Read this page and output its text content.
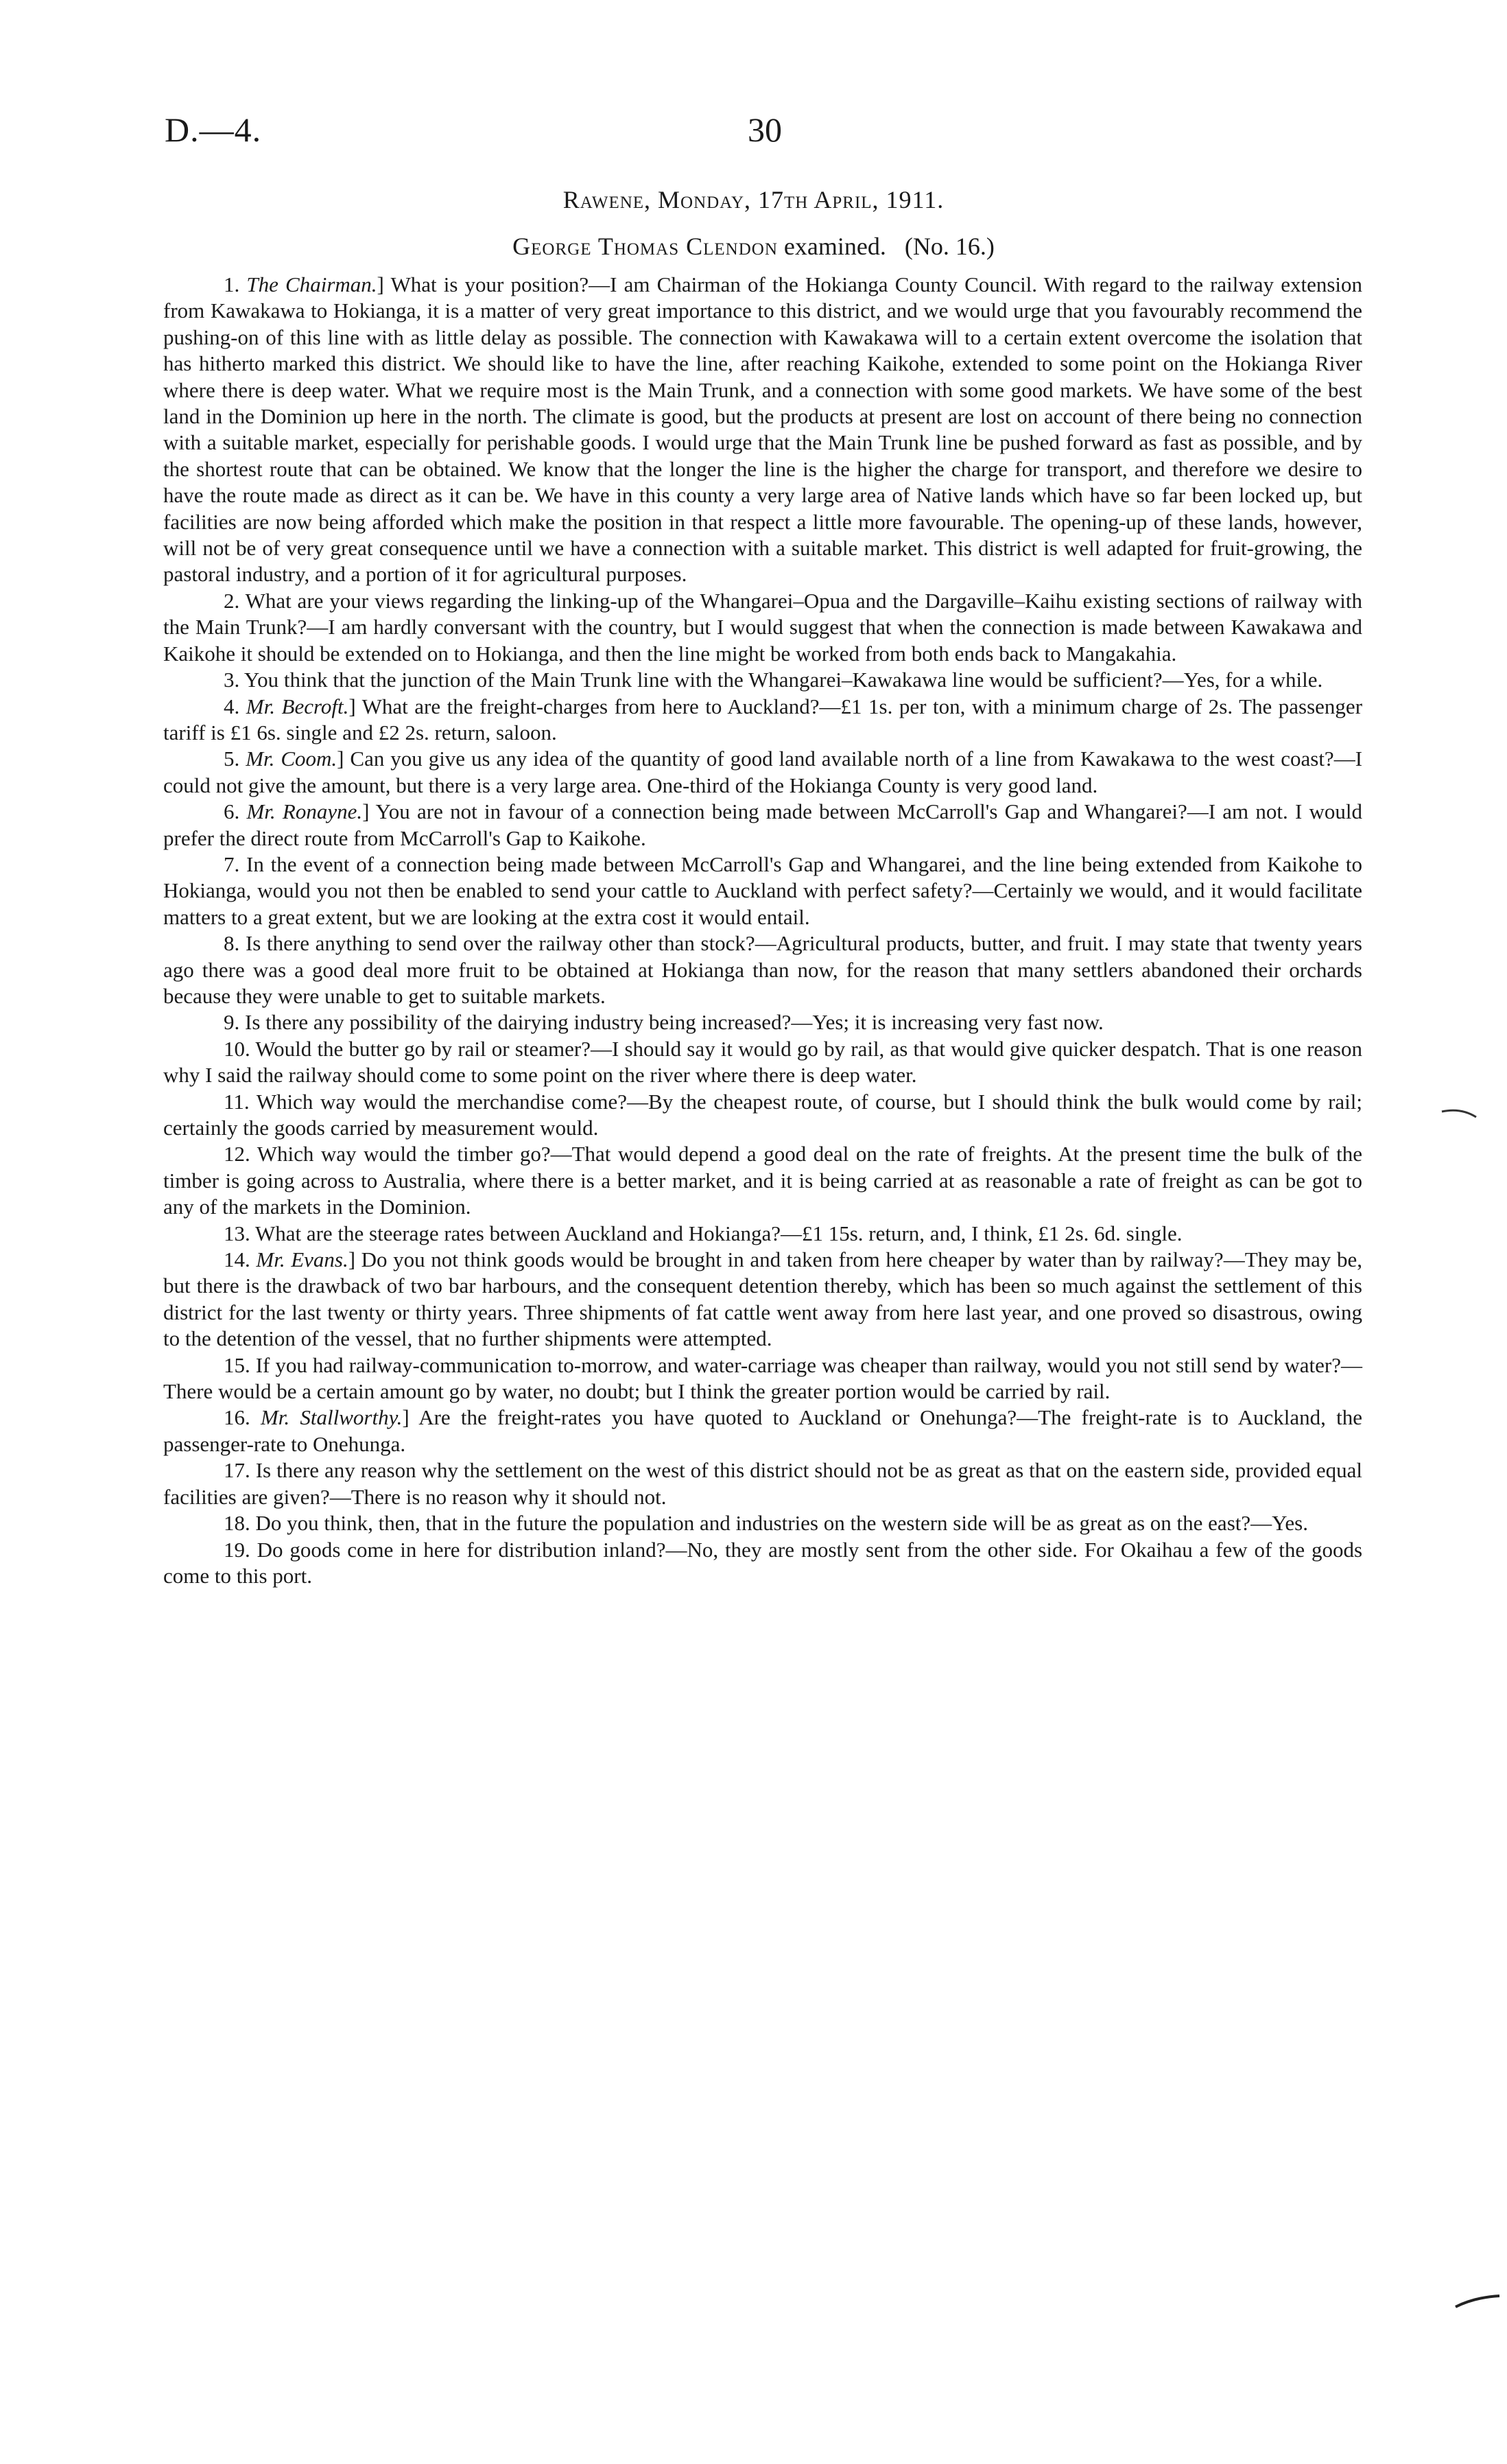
D.—4.	30
Rawene, Monday, 17th April, 1911.
George Thomas Clendon examined. (No. 16.)

1. The Chairman.] What is your position?—I am Chairman of the Hokianga County Council. With regard to the railway extension from Kawakawa to Hokianga, it is a matter of very great importance to this district, and we would urge that you favourably recommend the pushing-on of this line with as little delay as possible. The connection with Kawakawa will to a certain extent overcome the isolation that has hitherto marked this district. We should like to have the line, after reaching Kaikohe, extended to some point on the Hokianga River where there is deep water. What we require most is the Main Trunk, and a connection with some good markets. We have some of the best land in the Dominion up here in the north. The climate is good, but the products at present are lost on account of there being no connection with a suitable market, especially for perishable goods. I would urge that the Main Trunk line be pushed forward as fast as possible, and by the shortest route that can be obtained. We know that the longer the line is the higher the charge for transport, and therefore we desire to have the route made as direct as it can be. We have in this county a very large area of Native lands which have so far been locked up, but facilities are now being afforded which make the position in that respect a little more favourable. The opening-up of these lands, however, will not be of very great consequence until we have a connection with a suitable market. This district is well adapted for fruit-growing, the pastoral industry, and a portion of it for agricultural purposes.

2. What are your views regarding the linking-up of the Whangarei–Opua and the Dargaville–Kaihu existing sections of railway with the Main Trunk?—I am hardly conversant with the country, but I would suggest that when the connection is made between Kawakawa and Kaikohe it should be extended on to Hokianga, and then the line might be worked from both ends back to Mangakahia.

3. You think that the junction of the Main Trunk line with the Whangarei–Kawakawa line would be sufficient?—Yes, for a while.

4. Mr. Becroft.] What are the freight-charges from here to Auckland?—£1 1s. per ton, with a minimum charge of 2s. The passenger tariff is £1 6s. single and £2 2s. return, saloon.

5. Mr. Coom.] Can you give us any idea of the quantity of good land available north of a line from Kawakawa to the west coast?—I could not give the amount, but there is a very large area. One-third of the Hokianga County is very good land.

6. Mr. Ronayne.] You are not in favour of a connection being made between McCarroll's Gap and Whangarei?—I am not. I would prefer the direct route from McCarroll's Gap to Kaikohe.

7. In the event of a connection being made between McCarroll's Gap and Whangarei, and the line being extended from Kaikohe to Hokianga, would you not then be enabled to send your cattle to Auckland with perfect safety?—Certainly we would, and it would facilitate matters to a great extent, but we are looking at the extra cost it would entail.

8. Is there anything to send over the railway other than stock?—Agricultural products, butter, and fruit. I may state that twenty years ago there was a good deal more fruit to be obtained at Hokianga than now, for the reason that many settlers abandoned their orchards because they were unable to get to suitable markets.

9. Is there any possibility of the dairying industry being increased?—Yes; it is increasing very fast now.

10. Would the butter go by rail or steamer?—I should say it would go by rail, as that would give quicker despatch. That is one reason why I said the railway should come to some point on the river where there is deep water.

11. Which way would the merchandise come?—By the cheapest route, of course, but I should think the bulk would come by rail; certainly the goods carried by measurement would.

12. Which way would the timber go?—That would depend a good deal on the rate of freights. At the present time the bulk of the timber is going across to Australia, where there is a better market, and it is being carried at as reasonable a rate of freight as can be got to any of the markets in the Dominion.

13. What are the steerage rates between Auckland and Hokianga?—£1 15s. return, and, I think, £1 2s. 6d. single.

14. Mr. Evans.] Do you not think goods would be brought in and taken from here cheaper by water than by railway?—They may be, but there is the drawback of two bar harbours, and the consequent detention thereby, which has been so much against the settlement of this district for the last twenty or thirty years. Three shipments of fat cattle went away from here last year, and one proved so disastrous, owing to the detention of the vessel, that no further shipments were attempted.

15. If you had railway-communication to-morrow, and water-carriage was cheaper than railway, would you not still send by water?—There would be a certain amount go by water, no doubt; but I think the greater portion would be carried by rail.

16. Mr. Stallworthy.] Are the freight-rates you have quoted to Auckland or Onehunga?—The freight-rate is to Auckland, the passenger-rate to Onehunga.

17. Is there any reason why the settlement on the west of this district should not be as great as that on the eastern side, provided equal facilities are given?—There is no reason why it should not.

18. Do you think, then, that in the future the population and industries on the western side will be as great as on the east?—Yes.

19. Do goods come in here for distribution inland?—No, they are mostly sent from the other side. For Okaihau a few of the goods come to this port.
